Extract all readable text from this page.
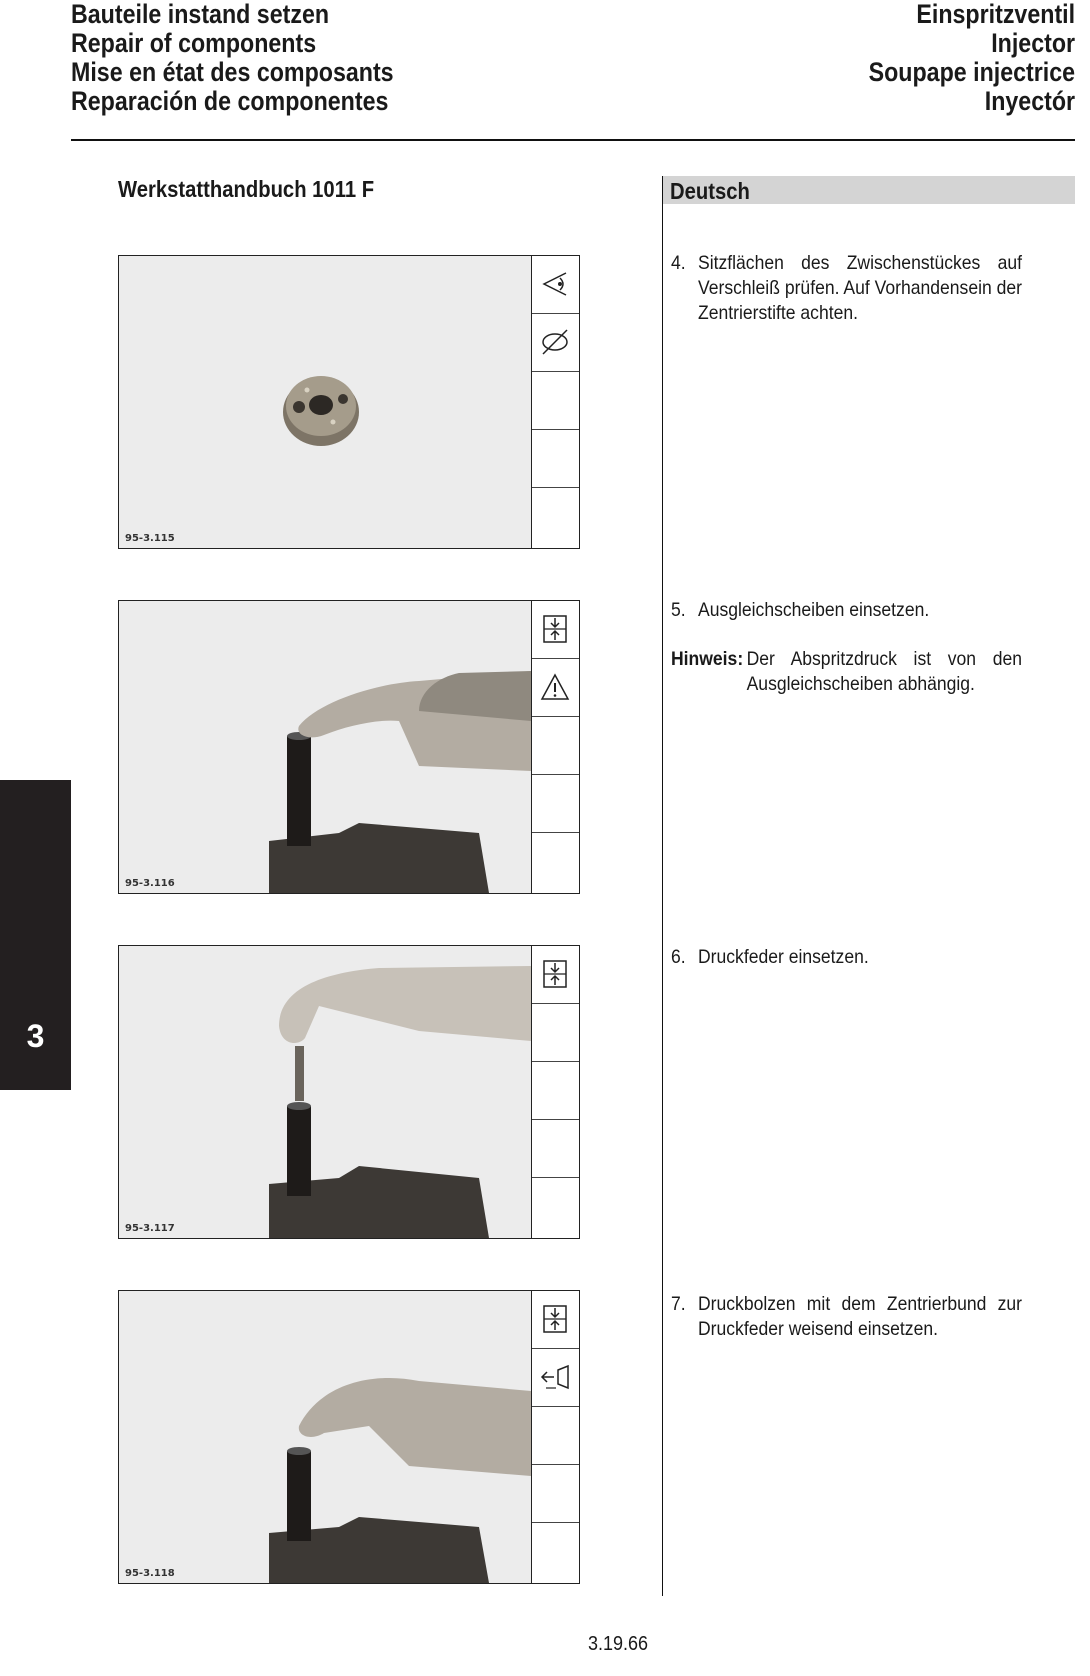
Bauteile instand setzen
Repair of components
Mise en état des composants
Reparación de componentes
Einspritzventil
Injector
Soupape injectrice
Inyectór
Werkstatthandbuch 1011 F	Deutsch
3
95-3.115
95-3.116
95-3.117
95-3.118
4. Sitzflächen des Zwischenstückes auf Verschleiß prüfen. Auf Vorhandensein der Zentrierstifte achten.
5. Ausgleichscheiben einsetzen.
Hinweis: Der Abspritzdruck ist von den Ausgleichscheiben abhängig.
6. Druckfeder einsetzen.
7. Druckbolzen mit dem Zentrierbund zur Druckfeder weisend einsetzen.
3.19.66
